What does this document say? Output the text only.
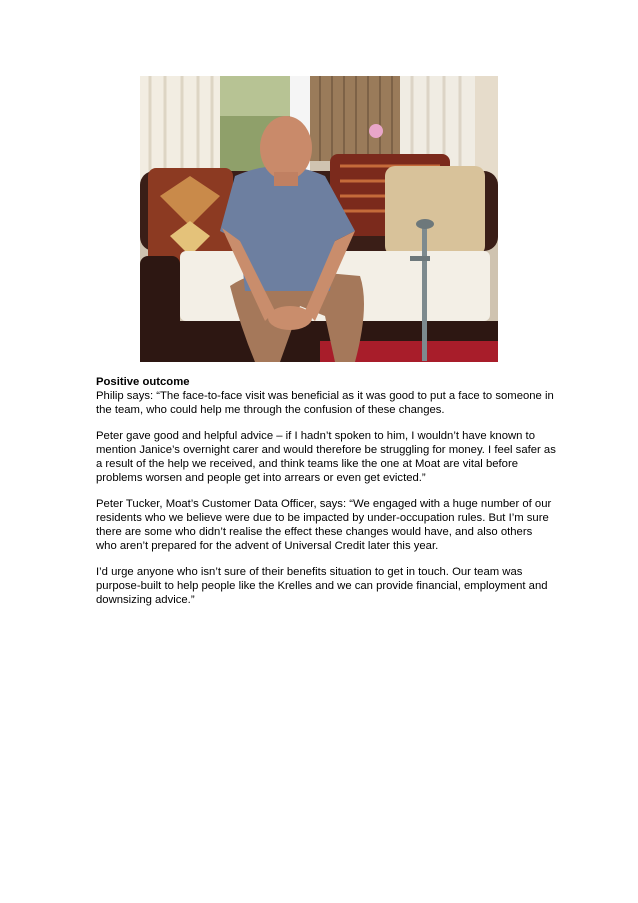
Positive outcome
Philip says: “The face-to-face visit was beneficial as it was good to put a face to someone in the team, who could help me through the confusion of these changes.

Peter gave good and helpful advice – if I hadn’t spoken to him, I wouldn’t have known to mention Janice’s overnight carer and would therefore be struggling for money. I feel safer as a result of the help we received, and think teams like the one at Moat are vital before problems worsen and people get into arrears or even get evicted.”

Peter Tucker, Moat’s Customer Data Officer, says: “We engaged with a huge number of our residents who we believe were due to be impacted by under-occupation rules. But I’m sure there are some who didn’t realise the effect these changes would have, and also others who aren’t prepared for the advent of Universal Credit later this year.

I’d urge anyone who isn’t sure of their benefits situation to get in touch. Our team was purpose-built to help people like the Krelles and we can provide financial, employment and downsizing advice.”
